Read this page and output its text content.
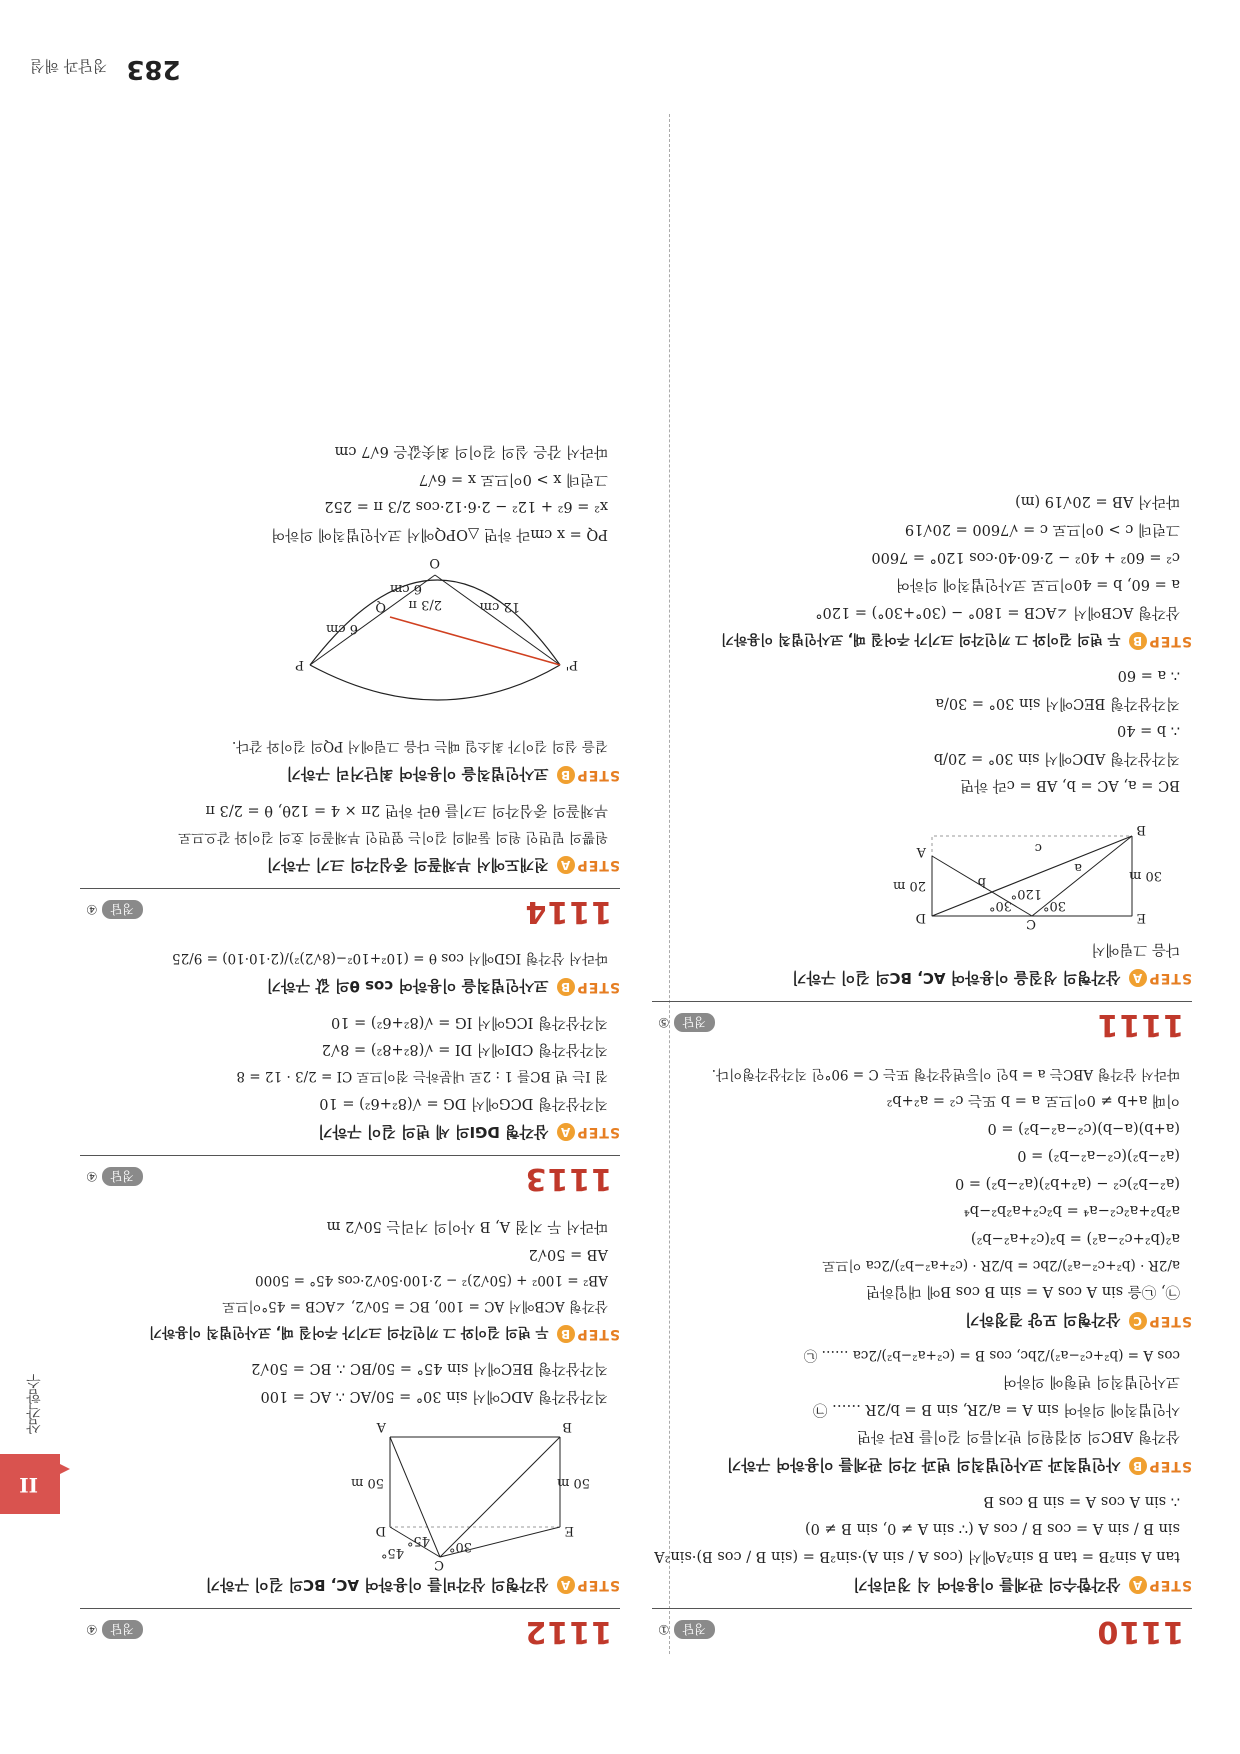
1110
정답①
STEP
A
삼각함수의 관계를 이용하여 식 정리하기
tan A sin²B = tan B sin²A에서 (cos A / sin A)·sin²B = (sin B / cos B)·sin²A
sin B / sin A = cos B / cos A (∵ sin A ≠ 0, sin B ≠ 0)
∴ sin A cos A = sin B cos B
STEP
B
사인법칙과 코사인법칙의 변과 각의 관계를 이용하여 구하기
삼각형 ABC의 외접원의 반지름의 길이를 R라 하면
사인법칙에 의하여 sin A = a/2R, sin B = b/2R …… ㉠
코사인법칙의 변형에 의하여
cos A = (b²+c²−a²)/2bc, cos B = (c²+a²−b²)/2ca …… ㉡
STEP
C
삼각형의 모양 결정하기
㉠, ㉡을 sin A cos A = sin B cos B에 대입하면
a/2R · (b²+c²−a²)/2bc = b/2R · (c²+a²−b²)/2ca 이므로
a²(b²+c²−a²) = b²(c²+a²−b²)
a²b²+a²c²−a⁴ = b²c²+a²b²−b⁴
(a²−b²)c² − (a²+b²)(a²−b²) = 0
(a²−b²)(c²−a²−b²) = 0
(a+b)(a−b)(c²−a²−b²) = 0
이때 a+b ≠ 0이므로 a = b 또는 c² = a²+b²
따라서 삼각형 ABC는 a = b인 이등변삼각형 또는 C = 90°인 직각삼각형이다.
1111
정답⑤
STEP
A
삼각형의 성질을 이용하여 AC, BC의 길이 구하기
다음 그림에서
A
B
C
D	E
20 m
30 m
30° 30°
120°
a
b
c
BC = a, AC = b, AB = c라 하면
직각삼각형 ADC에서 sin 30° = 20/b
∴ b = 40
직각삼각형 BEC에서 sin 30° = 30/a
∴ a = 60
STEP
B
두 변의 길이와 그 끼인각의 크기가 주어질 때, 코사인법칙 이용하기
삼각형 ACB에서 ∠ACB = 180° − (30°+30°) = 120°
a = 60, b = 40이므로 코사인법칙에 의하여
c² = 60² + 40² − 2·60·40·cos 120° = 7600
그런데 c > 0이므로 c = √7600 = 20√19
따라서 AB = 20√19 (m)
1112
정답④
STEP
A
삼각형의 삼각비를 이용하여 AC, BC의 길이 구하기
A	B
C
D	E
50 m	50 m
30°
45°
45°
직각삼각형 ADC에서 sin 30° = 50/AC ∴ AC = 100
직각삼각형 BEC에서 sin 45° = 50/BC ∴ BC = 50√2
STEP
B
두 변의 길이와 그 끼인각의 크기가 주어질 때, 코사인법칙 이용하기
삼각형 ACB에서 AC = 100, BC = 50√2, ∠ACB = 45°이므로
AB² = 100² + (50√2)² − 2·100·50√2·cos 45° = 5000
AB = 50√2
따라서 두 지점 A, B 사이의 거리는 50√2 m
1113
정답④
STEP
A
삼각형 DGI의 세 변의 길이 구하기
직각삼각형 DCG에서 DG = √(8²+6²) = 10
점 I는 변 BC를 1 : 2로 내분하는 점이므로 CI = 2/3 · 12 = 8
직각삼각형 CDI에서 DI = √(8²+8²) = 8√2
직각삼각형 ICG에서 IG = √(8²+6²) = 10
STEP
B
코사인법칙을 이용하여 cos θ의 값 구하기
따라서 삼각형 IGD에서 cos θ = (10²+10²−(8√2)²)/(2·10·10) = 9/25
1114
정답④
STEP
A
전개도에서 부채꼴의 중심각의 크기 구하기
원뿔의 밑면인 원의 둘레의 길이는 옆면인 부채꼴의 호의 길이와 같으므로
부채꼴의 중심각의 크기를 θ라 하면 2π × 4 = 12θ, θ = 2/3 π
STEP
B
코사인법칙을 이용하여 최단거리 구하기
겉을 실의 길이가 최소일 때는 다음 그림에서 PQ의 길이와 같다.
O
P	P'
Q
6 cm
6 cm
12 cm
2/3 π
PQ = x cm라 하면 △OPQ에서 코사인법칙에 의하여
x² = 6² + 12² − 2·6·12·cos 2/3 π = 252
그런데 x > 0이므로 x = 6√7
따라서 감은 실의 길이의 최솟값은 6√7 cm
283 정답과 해설
II
삼각함수
